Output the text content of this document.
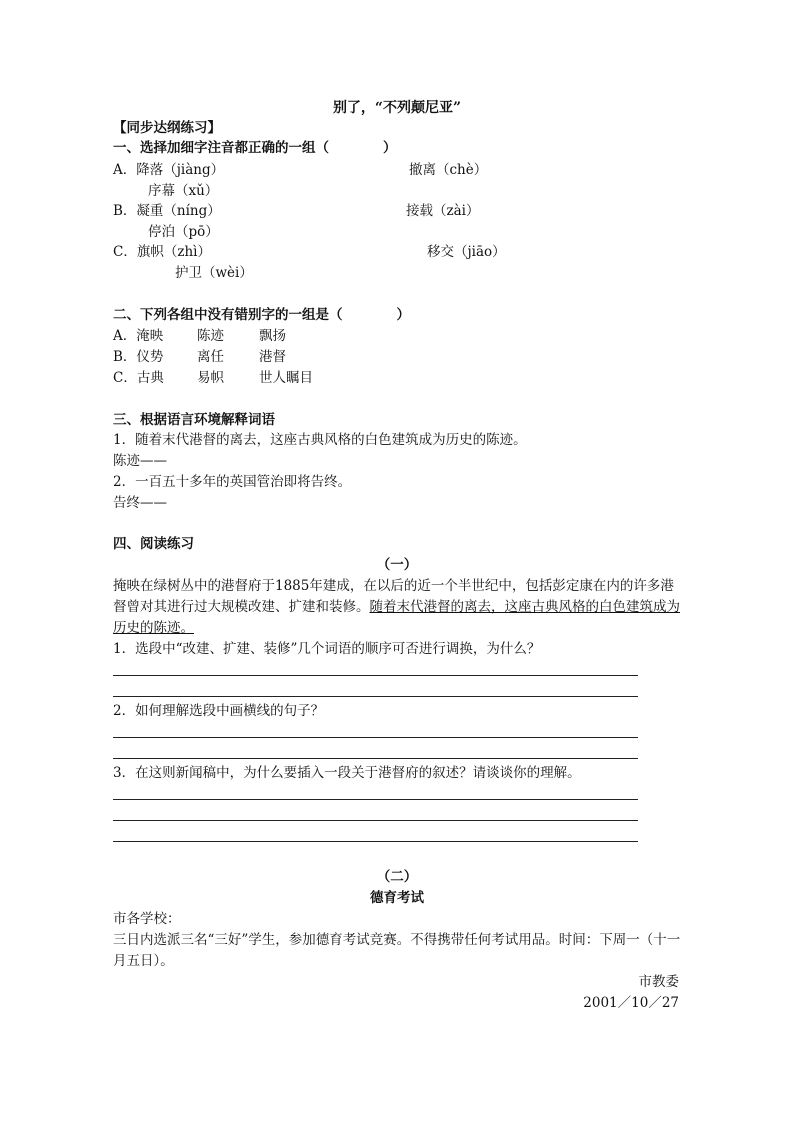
别了，“不列颠尼亚”
【同步达纲练习】
一、选择加细字注音都正确的一组（　　　　）
A．降落（jiàng）	撤离（chè）
序幕（xǔ）
B．凝重（níng）	接载（zài）
停泊（pō）
C．旗帜（zhì）	移交（jiāo）
护卫（wèi）
二、下列各组中没有错别字的一组是（　　　　）
A．淹映	陈迹	飘扬
B．仪势 离任	港督
C．古典 易帜	世人瞩目
三、根据语言环境解释词语
1．随着末代港督的离去，这座古典风格的白色建筑成为历史的陈迹。
陈迹——
2．一百五十多年的英国管治即将告终。
告终——
四、阅读练习
（一）
掩映在绿树丛中的港督府于1885年建成，在以后的近一个半世纪中，包括彭定康在内的许多港督曾对其进行过大规模改建、扩建和装修。随着末代港督的离去，这座古典风格的白色建筑成为历史的陈迹。
1．选段中“改建、扩建、装修”几个词语的顺序可否进行调换，为什么？
2．如何理解选段中画横线的句子？
3．在这则新闻稿中，为什么要插入一段关于港督府的叙述？请谈谈你的理解。
（二）
德育考试
市各学校：
三日内选派三名“三好”学生，参加德育考试竞赛。不得携带任何考试用品。时间：下周一（十一月五日）。
市教委
2001／10／27
